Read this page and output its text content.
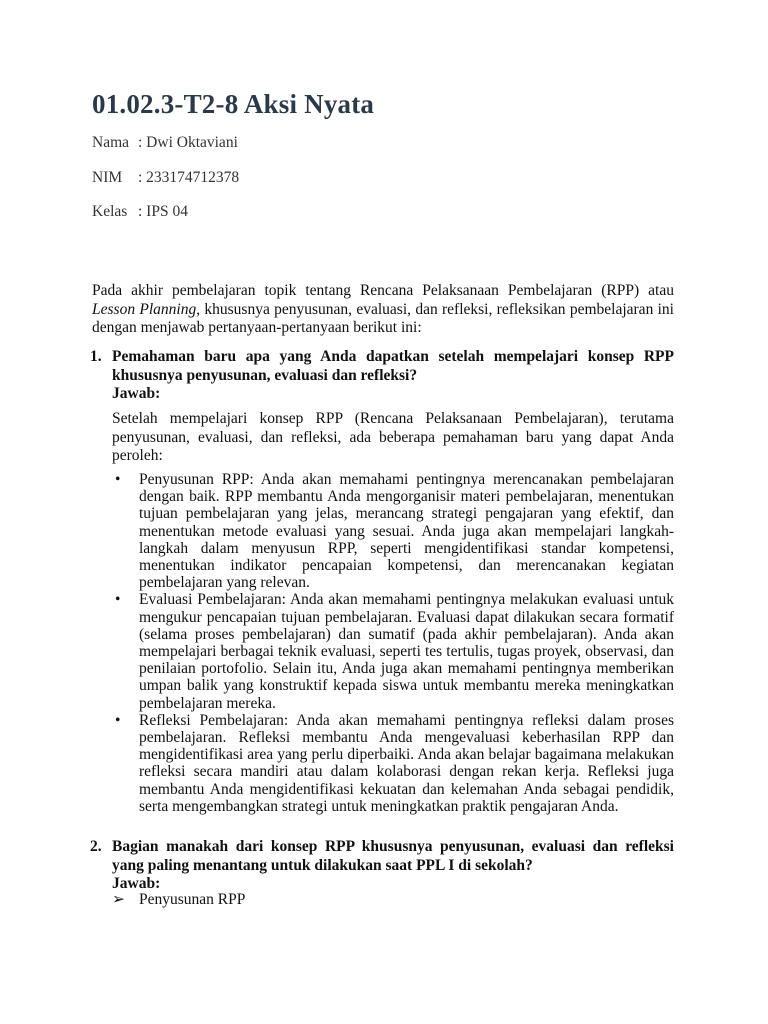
01.02.3-T2-8 Aksi Nyata
Nama : Dwi Oktaviani
NIM : 233174712378
Kelas : IPS 04

Pada akhir pembelajaran topik tentang Rencana Pelaksanaan Pembelajaran (RPP) atau Lesson Planning, khususnya penyusunan, evaluasi, dan refleksi, refleksikan pembelajaran ini dengan menjawab pertanyaan-pertanyaan berikut ini:

1. Pemahaman baru apa yang Anda dapatkan setelah mempelajari konsep RPP khususnya penyusunan, evaluasi dan refleksi?
Jawab:

Setelah mempelajari konsep RPP (Rencana Pelaksanaan Pembelajaran), terutama penyusunan, evaluasi, dan refleksi, ada beberapa pemahaman baru yang dapat Anda peroleh:

• Penyusunan RPP: Anda akan memahami pentingnya merencanakan pembelajaran dengan baik. RPP membantu Anda mengorganisir materi pembelajaran, menentukan tujuan pembelajaran yang jelas, merancang strategi pengajaran yang efektif, dan menentukan metode evaluasi yang sesuai. Anda juga akan mempelajari langkah-langkah dalam menyusun RPP, seperti mengidentifikasi standar kompetensi, menentukan indikator pencapaian kompetensi, dan merencanakan kegiatan pembelajaran yang relevan.
• Evaluasi Pembelajaran: Anda akan memahami pentingnya melakukan evaluasi untuk mengukur pencapaian tujuan pembelajaran. Evaluasi dapat dilakukan secara formatif (selama proses pembelajaran) dan sumatif (pada akhir pembelajaran). Anda akan mempelajari berbagai teknik evaluasi, seperti tes tertulis, tugas proyek, observasi, dan penilaian portofolio. Selain itu, Anda juga akan memahami pentingnya memberikan umpan balik yang konstruktif kepada siswa untuk membantu mereka meningkatkan pembelajaran mereka.
• Refleksi Pembelajaran: Anda akan memahami pentingnya refleksi dalam proses pembelajaran. Refleksi membantu Anda mengevaluasi keberhasilan RPP dan mengidentifikasi area yang perlu diperbaiki. Anda akan belajar bagaimana melakukan refleksi secara mandiri atau dalam kolaborasi dengan rekan kerja. Refleksi juga membantu Anda mengidentifikasi kekuatan dan kelemahan Anda sebagai pendidik, serta mengembangkan strategi untuk meningkatkan praktik pengajaran Anda.
2. Bagian manakah dari konsep RPP khususnya penyusunan, evaluasi dan refleksi yang paling menantang untuk dilakukan saat PPL I di sekolah?
Jawab:
➢ Penyusunan RPP
